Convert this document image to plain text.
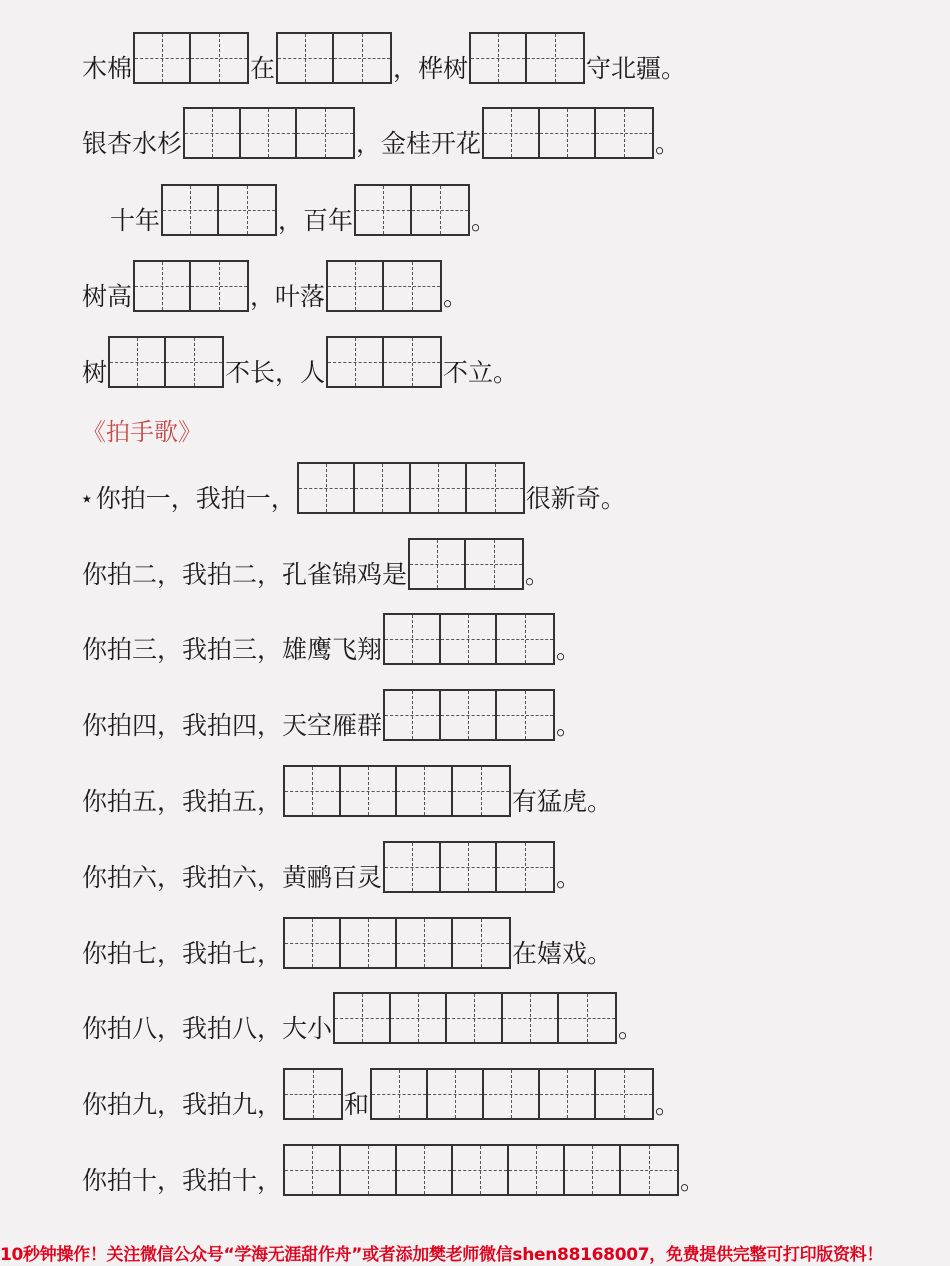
木棉	在	，桦树	守北疆。
银杏水杉	，金桂开花	。
十年	，百年	。
树高	，叶落	。
树	不长，人	不立。
《拍手歌》
⭑ 你拍一，我拍一，	很新奇。
你拍二，我拍二，孔雀锦鸡是	。
你拍三，我拍三，雄鹰飞翔	。
你拍四，我拍四，天空雁群	。
你拍五，我拍五，	有猛虎。
你拍六，我拍六，黄鹂百灵	。
你拍七，我拍七，	在嬉戏。
你拍八，我拍八，大小	。
你拍九，我拍九， 和	。
你拍十，我拍十，	。
10秒钟操作！关注微信公众号“学海无涯甜作舟”或者添加樊老师微信shen88168007，免费提供完整可打印版资料！
